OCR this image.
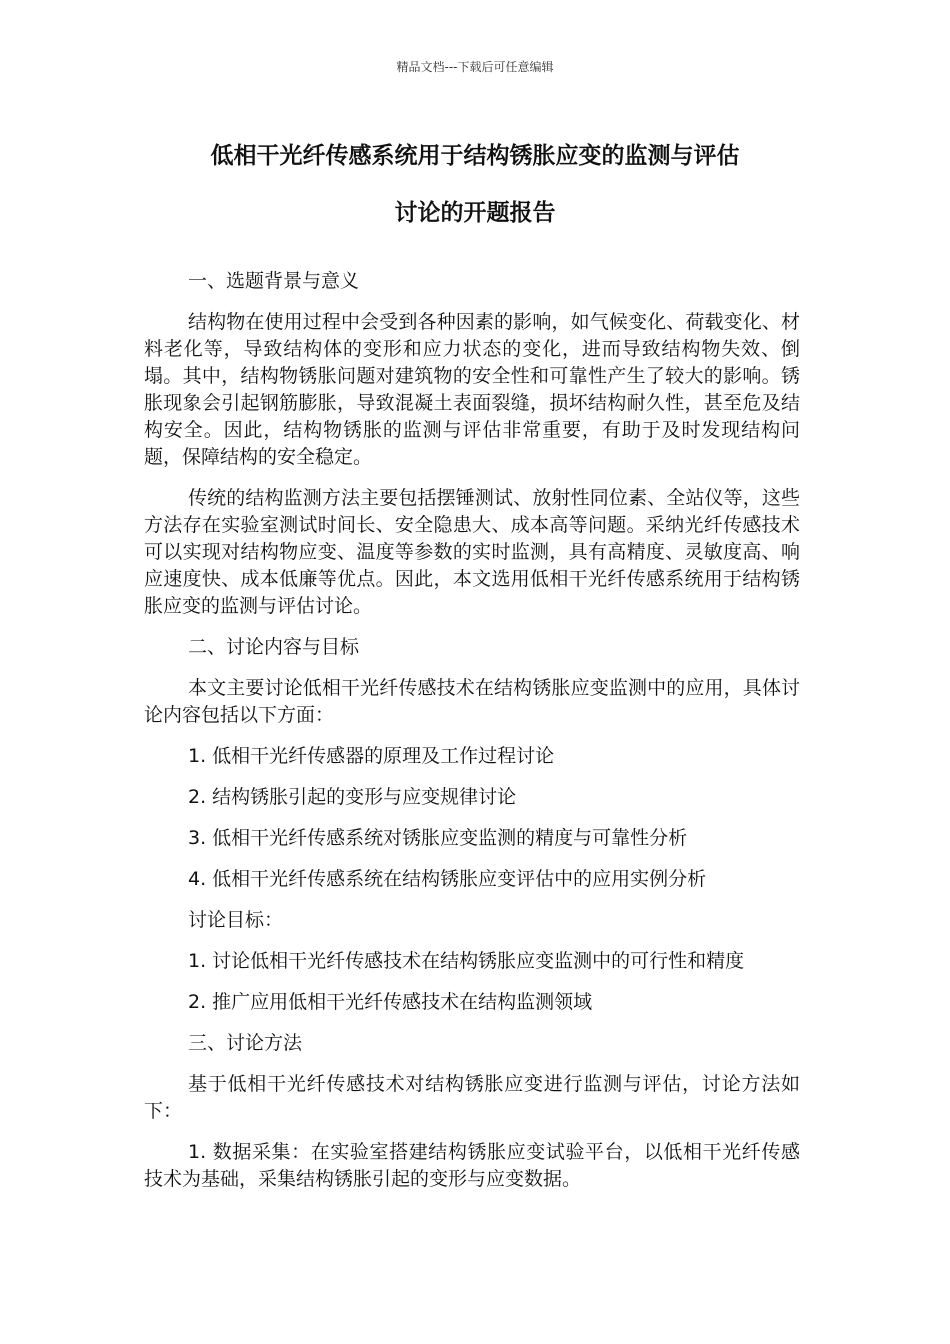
精品文档---下载后可任意编辑
低相干光纤传感系统用于结构锈胀应变的监测与评估
讨论的开题报告

一、选题背景与意义

结构物在使用过程中会受到各种因素的影响，如气候变化、荷载变化、材料老化等，导致结构体的变形和应力状态的变化，进而导致结构物失效、倒塌。其中，结构物锈胀问题对建筑物的安全性和可靠性产生了较大的影响。锈胀现象会引起钢筋膨胀，导致混凝土表面裂缝，损坏结构耐久性，甚至危及结构安全。因此，结构物锈胀的监测与评估非常重要，有助于及时发现结构问题，保障结构的安全稳定。

传统的结构监测方法主要包括摆锤测试、放射性同位素、全站仪等，这些方法存在实验室测试时间长、安全隐患大、成本高等问题。采纳光纤传感技术可以实现对结构物应变、温度等参数的实时监测，具有高精度、灵敏度高、响应速度快、成本低廉等优点。因此，本文选用低相干光纤传感系统用于结构锈胀应变的监测与评估讨论。

二、讨论内容与目标

本文主要讨论低相干光纤传感技术在结构锈胀应变监测中的应用，具体讨论内容包括以下方面：

1. 低相干光纤传感器的原理及工作过程讨论

2. 结构锈胀引起的变形与应变规律讨论

3. 低相干光纤传感系统对锈胀应变监测的精度与可靠性分析

4. 低相干光纤传感系统在结构锈胀应变评估中的应用实例分析

讨论目标：

1. 讨论低相干光纤传感技术在结构锈胀应变监测中的可行性和精度

2. 推广应用低相干光纤传感技术在结构监测领域

三、讨论方法

基于低相干光纤传感技术对结构锈胀应变进行监测与评估，讨论方法如下：

1. 数据采集：在实验室搭建结构锈胀应变试验平台，以低相干光纤传感技术为基础，采集结构锈胀引起的变形与应变数据。
